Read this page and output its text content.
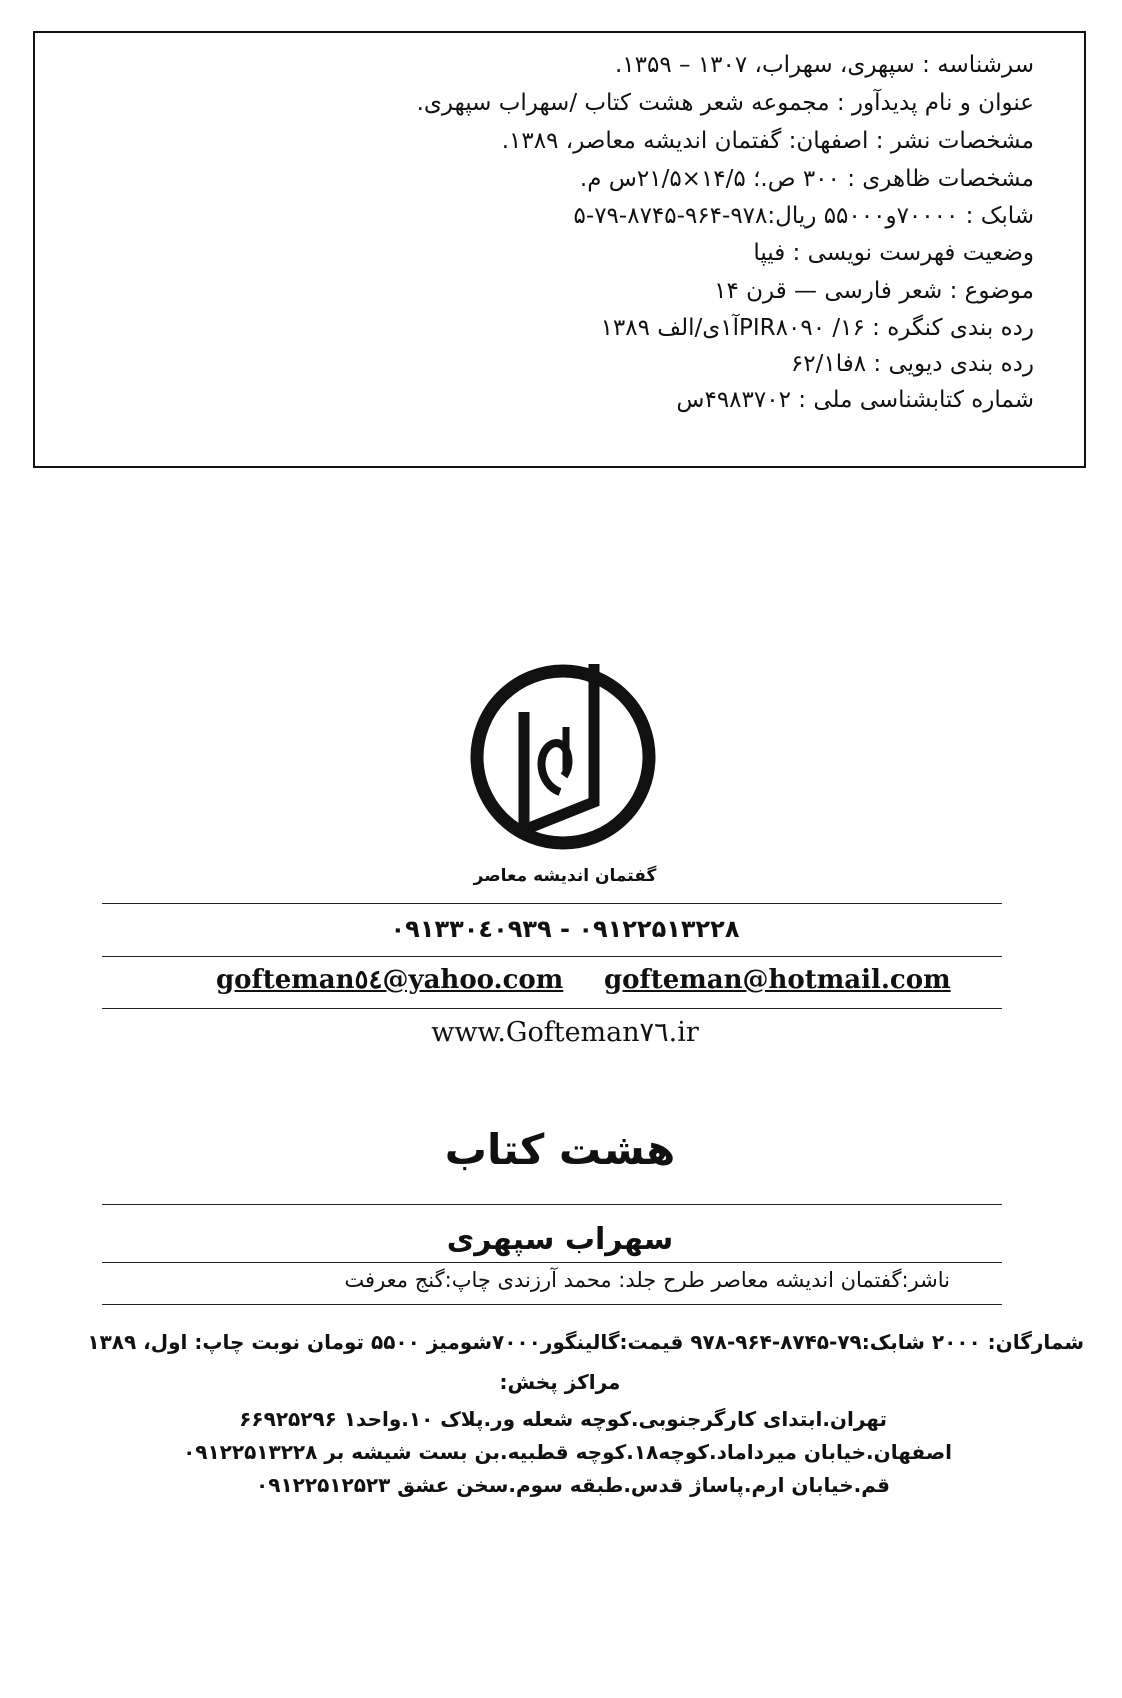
سرشناسه : سپهری، سهراب، ۱۳۰۷ – ۱۳۵۹.
عنوان و نام پدیدآور : مجموعه شعر هشت کتاب /سهراب سپهری.
مشخصات نشر : اصفهان: گفتمان اندیشه معاصر، ۱۳۸۹.
مشخصات ظاهری : ۳۰۰ ص.؛ ۱۴/۵×۲۱/۵س م.
شابک : ۷۰۰۰۰و۵۵۰۰۰ ریال:۹۷۸-۹۶۴-۸۷۴۵-۷۹-۵
وضعیت فهرست نویسی : فیپا
موضوع : شعر فارسی — قرن ۱۴
رده بندی کنگره : PIR۸۰۹۰ /۱۶آ۱ی/الف ۱۳۸۹
رده بندی دیویی : ۸فا۶۲/۱
شماره کتابشناسی ملی : ۴۹۸۳۷۰۲س
گفتمان اندیشه معاصر
۰۹۱۳۳۰٤۰۹۳۹ - ۰۹۱۲۲۵۱۳۲۲۸
gofteman@hotmail.com
gofteman٥٤@yahoo.com
www.Gofteman٧٦.ir
هشت کتاب
سهراب سپهری
ناشر:گفتمان اندیشه معاصر طرح جلد: محمد آرزندی چاپ:گنج معرفت
شمارگان: ۲۰۰۰ شابک:۷۹-۸۷۴۵-۹۶۴-۹۷۸ قیمت:گالینگور۷۰۰۰شومیز ۵۵۰۰ تومان نوبت چاپ: اول، ۱۳۸۹
مراکز پخش:
تهران.ابتدای کارگرجنوبی.کوچه شعله ور.پلاک ۱۰.واحد۱ ۶۶۹۲۵۲۹۶
اصفهان.خیابان میرداماد.کوچه۱۸.کوچه قطبیه.بن بست شیشه بر ۰۹۱۲۲۵۱۳۲۲۸
قم.خیابان ارم.پاساژ قدس.طبقه سوم.سخن عشق ۰۹۱۲۲۵۱۲۵۲۳
